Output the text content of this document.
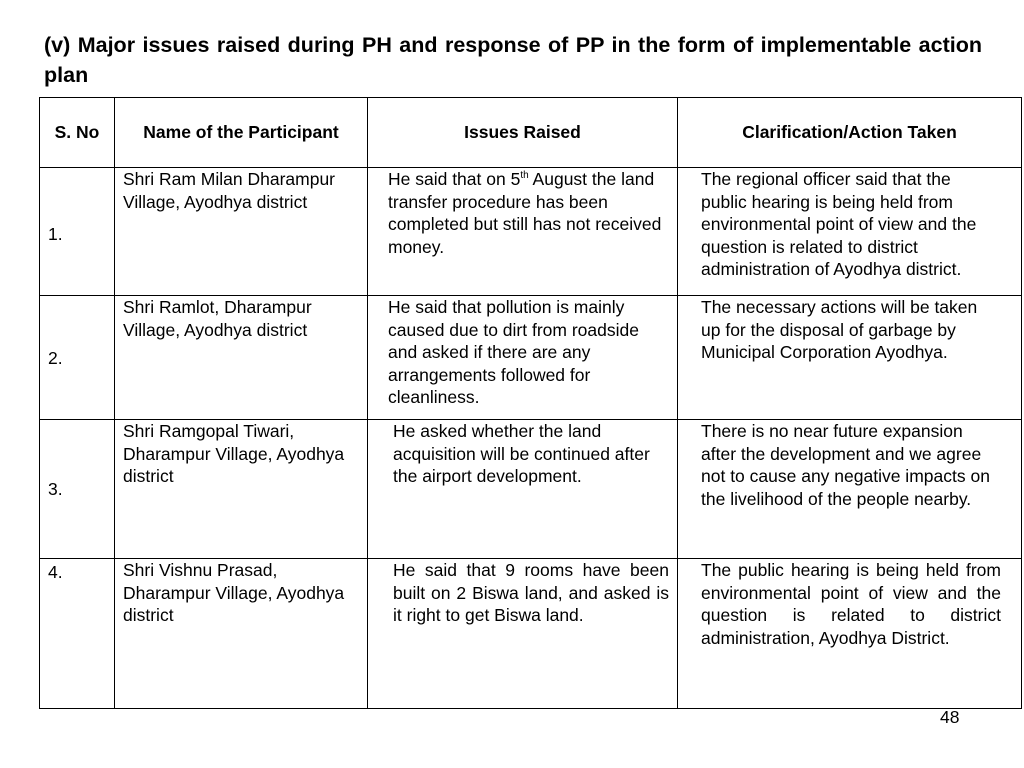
(v) Major issues raised during PH and response of PP in the form of implementable action plan
S. No	Name of the Participant	Issues Raised	Clarification/Action Taken

1.	Shri Ram Milan Dharampur Village, Ayodhya district	He said that on 5th August the land transfer procedure has been completed but still has not received money.	The regional officer said that the public hearing is being held from environmental point of view and the question is related to district administration of Ayodhya district.

2.	Shri Ramlot, Dharampur Village, Ayodhya district	He said that pollution is mainly caused due to dirt from roadside and asked if there are any arrangements followed for cleanliness.	The necessary actions will be taken up for the disposal of garbage by Municipal Corporation Ayodhya.

3.	Shri Ramgopal Tiwari, Dharampur Village, Ayodhya district	He asked whether the land acquisition will be continued after the airport development.	There is no near future expansion after the development and we agree not to cause any negative impacts on the livelihood of the people nearby.

4.	Shri Vishnu Prasad, Dharampur Village, Ayodhya district	He said that 9 rooms have been built on 2 Biswa land, and asked is it right to get Biswa land.	The public hearing is being held from environmental point of view and the question is related to district administration, Ayodhya District.
48
